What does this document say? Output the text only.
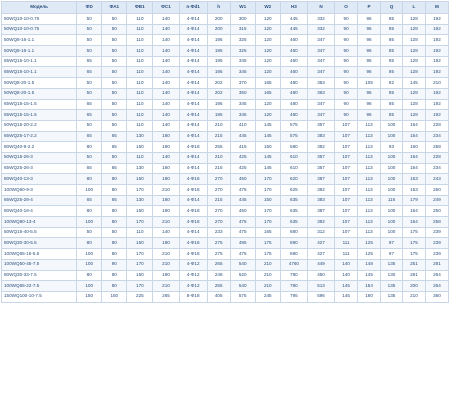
Модель	ΦD	ΦA1	ΦB1	ΦC1	n-Φd1	h	W1	W2	H3	N	O	P	Q	L	M
50WQ10-10-0.75	50	50	110	140	4-Φ14	200	300	120	445	332	90	96	85	128	192
50WQ10-10-0.75	50	50	110	140	4-Φ14	200	315	120	445	332	90	96	85	128	192
50WQ8-16-1.1	50	50	110	140	4-Φ14	195	325	120	460	347	90	96	85	128	192
50WQ8-16-1.1	50	50	110	140	4-Φ14	195	325	120	460	347	90	96	85	128	192
65WQ15-10-1.1	65	50	110	140	4-Φ14	195	345	120	460	347	90	96	85	128	192
65WQ15-10-1.1	65	50	110	140	4-Φ14	195	345	120	460	347	90	96	85	128	192
50WQ8-20-1.5	50	50	110	140	4-Φ14	202	370	165	480	363	90	105	82	145	210
50WQ8-20-1.5	50	50	110	140	4-Φ14	202	350	165	480	363	90	96	85	128	192
65WQ15-15-1.5	65	50	110	140	4-Φ14	195	345	120	480	347	90	96	85	128	192
65WQ15-15-1.5	65	50	110	140	4-Φ14	195	345	120	480	347	90	96	85	128	192
50WQ15-20-2.2	50	50	110	140	4-Φ14	210	410	145	575	357	107	113	100	164	228
65WQ25-17-2.2	65	65	130	160	4-Φ14	215	445	145	575	383	107	113	100	164	234
80WQ40-9-2.2	80	65	150	190	4-Φ18	255	415	150	580	392	107	113	93	160	258
50WQ15-26-3	50	50	110	140	4-Φ14	210	425	145	610	357	107	113	100	164	228
65WQ25-26-3	65	65	130	160	4-Φ14	215	425	145	610	357	107	113	100	164	234
80WQ40-13-3	80	80	150	190	4-Φ18	270	450	170	620	387	107	113	100	153	243
100WQ60-9-3	100	80	170	210	4-Φ18	270	475	170	625	392	107	113	100	153	260
65WQ25-28-4	65	65	130	160	4-Φ14	215	445	150	635	383	107	113	116	179	249
80WQ40-18-4	80	80	150	190	4-Φ18	270	450	170	635	387	107	113	100	164	250
100WQ80-13-4	100	80	170	210	4-Φ18	270	475	170	635	392	107	113	100	164	258
50WQ15-40-5.5	50	50	110	140	4-Φ14	233	475	165	680	312	107	113	100	175	239
80WQ30-30-5.5	80	80	150	190	4-Φ18	275	495	175	690	427	111	125	97	175	239
100WQ65-15-5.5	100	80	170	210	4-Φ18	275	475	175	690	427	111	125	97	175	239
100WQ50-45-7.5	100	90	170	210	4-Φ12	265	540	210	4760	449	140	148	135	251	281
80WQ30-33-7.5	80	80	150	190	4-Φ12	248	520	210	780	450	140	145	130	281	264
100WQ65-22-7.5	100	80	170	210	4-Φ12	255	540	210	780	513	145	154	135	200	264
150WQ100-10-7.5	150	150	225	265	8-Φ18	405	575	245	795	596	145	160	135	210	360
